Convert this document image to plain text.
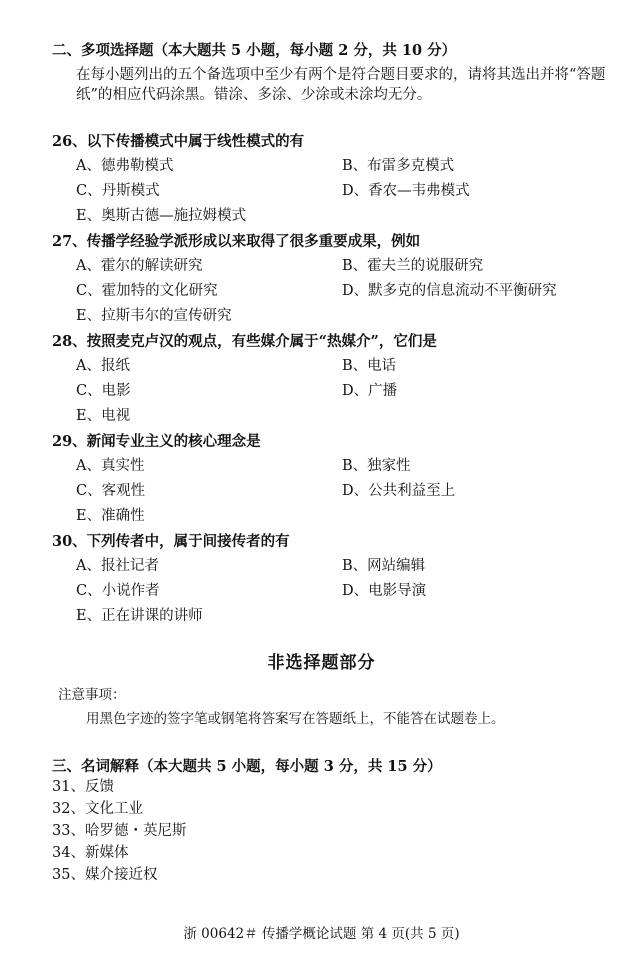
二、多项选择题（本大题共 5 小题，每小题 2 分，共 10 分）
在每小题列出的五个备选项中至少有两个是符合题目要求的，请将其选出并将“答题
纸”的相应代码涂黑。错涂、多涂、少涂或未涂均无分。
26、以下传播模式中属于线性模式的有
A、德弗勒模式	B、布雷多克模式
C、丹斯模式	D、香农—韦弗模式
E、奥斯古德—施拉姆模式
27、传播学经验学派形成以来取得了很多重要成果，例如
A、霍尔的解读研究	B、霍夫兰的说服研究
C、霍加特的文化研究	D、默多克的信息流动不平衡研究
E、拉斯韦尔的宣传研究
28、按照麦克卢汉的观点，有些媒介属于“热媒介”，它们是
A、报纸	B、电话
C、电影	D、广播
E、电视
29、新闻专业主义的核心理念是
A、真实性	B、独家性
C、客观性	D、公共利益至上
E、准确性
30、下列传者中，属于间接传者的有
A、报社记者	B、网站编辑
C、小说作者	D、电影导演
E、正在讲课的讲师
非选择题部分
注意事项：
用黑色字迹的签字笔或钢笔将答案写在答题纸上，不能答在试题卷上。
三、名词解释（本大题共 5 小题，每小题 3 分，共 15 分）
31、反馈
32、文化工业
33、哈罗德・英尼斯
34、新媒体
35、媒介接近权
浙 00642＃ 传播学概论试题 第 4 页(共 5 页)
